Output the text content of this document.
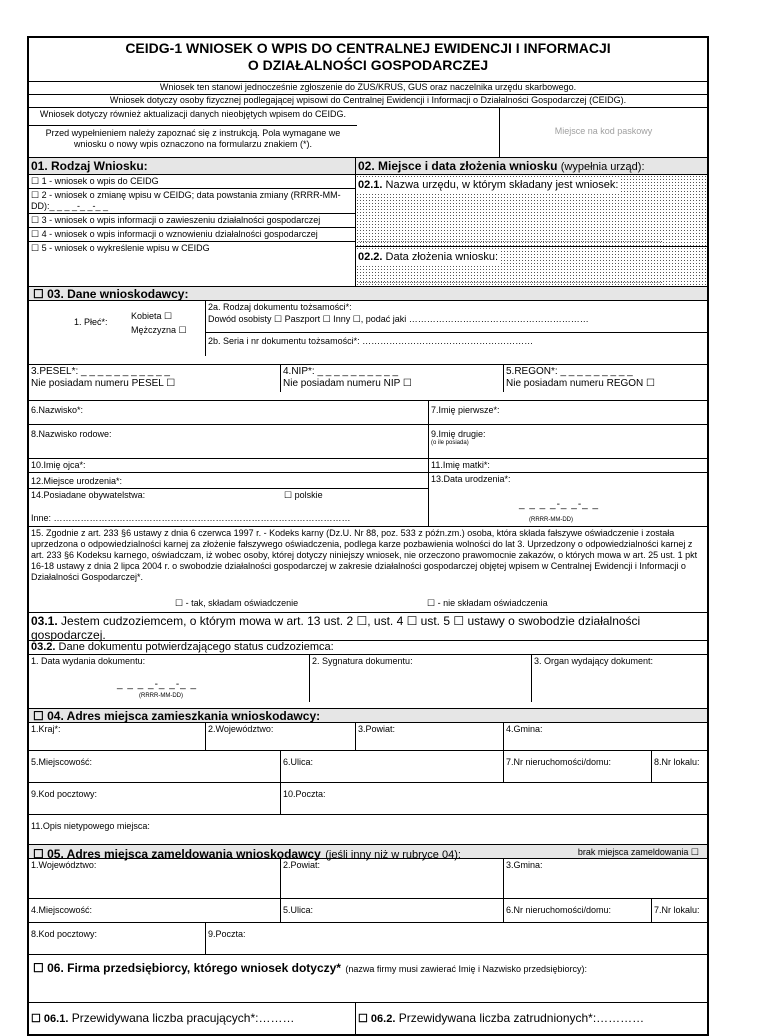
CEIDG-1 WNIOSEK O WPIS DO CENTRALNEJ EWIDENCJI I INFORMACJI
O DZIAŁALNOŚCI GOSPODARCZEJ
Wniosek ten stanowi jednocześnie zgłoszenie do ZUS/KRUS, GUS oraz naczelnika urzędu skarbowego.
Wniosek dotyczy osoby fizycznej podlegającej wpisowi do Centralnej Ewidencji i Informacji o Działalności Gospodarczej (CEIDG).
Wniosek dotyczy również aktualizacji danych nieobjętych wpisem do CEIDG.
Przed wypełnieniem należy zapoznać się z instrukcją. Pola wymagane we wniosku o nowy wpis oznaczono na formularzu znakiem (*).
Miejsce na kod paskowy
01. Rodzaj Wniosku:
☐ 1 - wniosek o wpis do CEIDG
☐ 2 - wniosek o zmianę wpisu w CEIDG; data powstania zmiany (RRRR-MM-DD):_ _ _ _-_ _-_ _
☐ 3 - wniosek o wpis informacji o zawieszeniu działalności gospodarczej
☐ 4 - wniosek o wpis informacji o wznowieniu działalności gospodarczej
☐ 5 - wniosek o wykreślenie wpisu w CEIDG
02. Miejsce i data złożenia wniosku (wypełnia urząd):
02.1. Nazwa urzędu, w którym składany jest wniosek:
.........................................................................................................................................
02.2. Data złożenia wniosku:
.........................................................................................................................................
☐ 03. Dane wnioskodawcy:
1. Płeć*:
Kobieta ☐
Mężczyzna ☐
2a. Rodzaj dokumentu tożsamości*:
Dowód osobisty ☐ Paszport ☐ Inny ☐, podać jaki ……………………………………………………
2b. Seria i nr dokumentu tożsamości*: …………………………………………………
3.PESEL*: _ _ _ _ _ _ _ _ _ _ _
Nie posiadam numeru PESEL ☐
4.NIP*: _ _ _ _ _ _ _ _ _ _
Nie posiadam numeru NIP ☐
5.REGON*: _ _ _ _ _ _ _ _ _
Nie posiadam numeru REGON ☐
6.Nazwisko*:	7.Imię pierwsze*:
8.Nazwisko rodowe:	9.Imię drugie:
(o ile posiada)
10.Imię ojca*:	11.Imię matki*:
12.Miejsce urodzenia*:
14.Posiadane obywatelstwa:	☐ polskie
Inne: ………………………………………………………………………………………
13.Data urodzenia*:
_ _ _ _-_ _-_ _
(RRRR-MM-DD)
15. Zgodnie z art. 233 §6 ustawy z dnia 6 czerwca 1997 r. - Kodeks karny (Dz.U. Nr 88, poz. 533 z późn.zm.) osoba, która składa fałszywe oświadczenie i została uprzedzona o odpowiedzialności karnej za złożenie fałszywego oświadczenia, podlega karze pozbawienia wolności do lat 3. Uprzedzony o odpowiedzialności karnej z art. 233 §6 Kodeksu karnego, oświadczam, iż wobec osoby, której dotyczy niniejszy wniosek, nie orzeczono prawomocnie zakazów, o których mowa w art. 25 ust. 1 pkt 16-18 ustawy z dnia 2 lipca 2004 r. o swobodzie działalności gospodarczej w zakresie działalności gospodarczej objętej wpisem w Centralnej Ewidencji i Informacji o Działalności Gospodarczej*.
☐ - tak, składam oświadczenie	☐ - nie składam oświadczenia
03.1. Jestem cudzoziemcem, o którym mowa w art. 13 ust. 2 ☐, ust. 4 ☐ ust. 5 ☐ ustawy o swobodzie działalności gospodarczej.
03.2. Dane dokumentu potwierdzającego status cudzoziemca:
1. Data wydania dokumentu:
_ _ _ _-_ _-_ _
(RRRR-MM-DD)
2. Sygnatura dokumentu:	3. Organ wydający dokument:
☐ 04. Adres miejsca zamieszkania wnioskodawcy:
1.Kraj*:	2.Województwo:	3.Powiat:	4.Gmina:
5.Miejscowość:	6.Ulica:	7.Nr nieruchomości/domu:	8.Nr lokalu:
9.Kod pocztowy:	10.Poczta:
11.Opis nietypowego miejsca:
☐ 05. Adres miejsca zameldowania wnioskodawcy (jeśli inny niż w rubryce 04):	brak miejsca zameldowania ☐
1.Województwo:	2.Powiat:	3.Gmina:
4.Miejscowość:	5.Ulica:	6.Nr nieruchomości/domu:	7.Nr lokalu:
8.Kod pocztowy:	9.Poczta:
☐ 06. Firma przedsiębiorcy, którego wniosek dotyczy* (nazwa firmy musi zawierać Imię i Nazwisko przedsiębiorcy):
☐ 06.1. Przewidywana liczba pracujących*:………	☐ 06.2. Przewidywana liczba zatrudnionych*:…………
